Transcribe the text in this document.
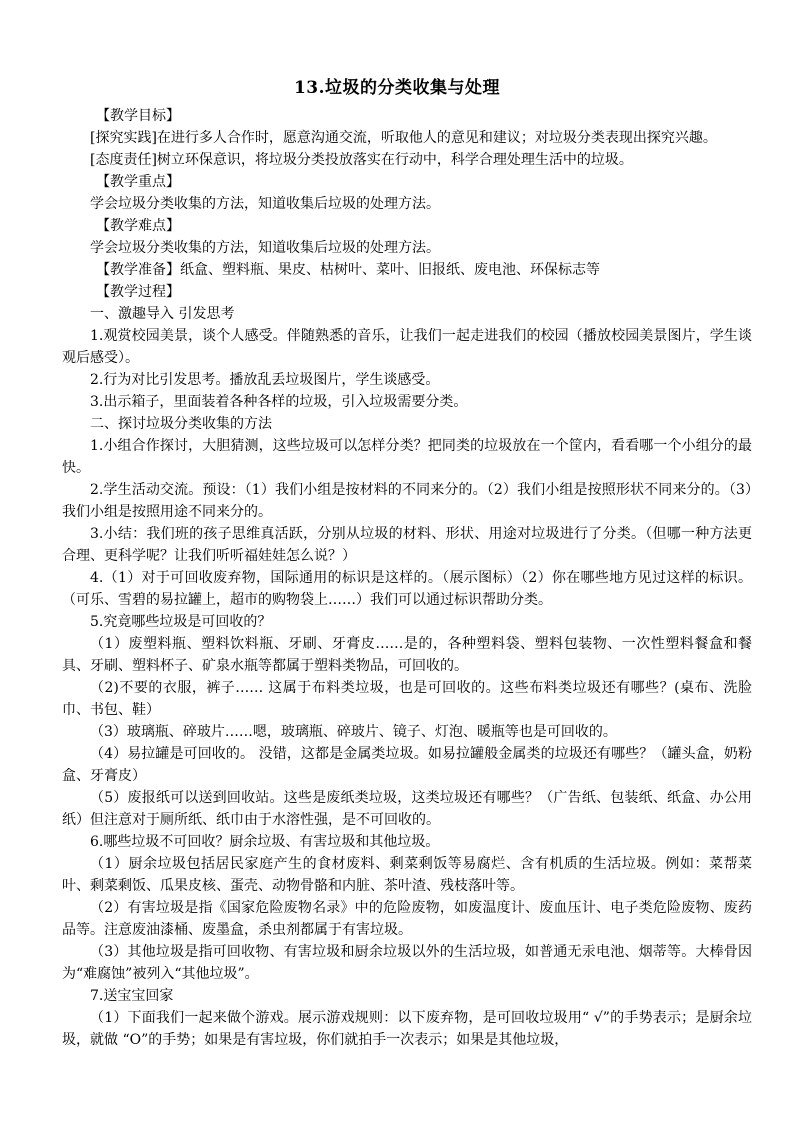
13.垃圾的分类收集与处理

【教学目标】

[探究实践]在进行多人合作时，愿意沟通交流，听取他人的意见和建议；对垃圾分类表现出探究兴趣。

[态度责任]树立环保意识，将垃圾分类投放落实在行动中，科学合理处理生活中的垃圾。

【教学重点】

学会垃圾分类收集的方法，知道收集后垃圾的处理方法。

【教学难点】

学会垃圾分类收集的方法，知道收集后垃圾的处理方法。

【教学准备】纸盒、塑料瓶、果皮、枯树叶、菜叶、旧报纸、废电池、环保标志等

【教学过程】

一、激趣导入 引发思考

1.观赏校园美景，谈个人感受。伴随熟悉的音乐，让我们一起走进我们的校园（播放校园美景图片，学生谈观后感受）。

2.行为对比引发思考。播放乱丢垃圾图片，学生谈感受。

3.出示箱子，里面装着各种各样的垃圾，引入垃圾需要分类。

二、探讨垃圾分类收集的方法

1.小组合作探讨，大胆猜测，这些垃圾可以怎样分类？把同类的垃圾放在一个筐内，看看哪一个小组分的最快。

2.学生活动交流。预设：（1）我们小组是按材料的不同来分的。（2）我们小组是按照形状不同来分的。（3）我们小组是按照用途不同来分的。

3.小结：我们班的孩子思维真活跃，分别从垃圾的材料、形状、用途对垃圾进行了分类。（但哪一种方法更合理、更科学呢？让我们听听福娃娃怎么说？）

4.（1）对于可回收废弃物，国际通用的标识是这样的。（展示图标）（2）你在哪些地方见过这样的标识。（可乐、雪碧的易拉罐上，超市的购物袋上……）我们可以通过标识帮助分类。

5.究竟哪些垃圾是可回收的？

（1）废塑料瓶、塑料饮料瓶、牙刷、牙膏皮……是的，各种塑料袋、塑料包装物、一次性塑料餐盒和餐具、牙刷、塑料杯子、矿泉水瓶等都属于塑料类物品，可回收的。

（2)不要的衣服，裤子…… 这属于布料类垃圾，也是可回收的。这些布料类垃圾还有哪些？(桌布、洗脸巾、书包、鞋）

（3）玻璃瓶、碎玻片……嗯，玻璃瓶、碎玻片、镜子、灯泡、暖瓶等也是可回收的。

（4）易拉罐是可回收的。 没错，这都是金属类垃圾。如易拉罐般金属类的垃圾还有哪些？（罐头盒，奶粉盒、牙膏皮）

（5）废报纸可以送到回收站。这些是废纸类垃圾，这类垃圾还有哪些？（广告纸、包装纸、纸盒、办公用纸）但注意对于厕所纸、纸巾由于水溶性强，是不可回收的。

6.哪些垃圾不可回收？厨余垃圾、有害垃圾和其他垃圾。

（1）厨余垃圾包括居民家庭产生的食材废料、剩菜剩饭等易腐烂、含有机质的生活垃圾。例如：菜帮菜叶、剩菜剩饭、瓜果皮核、蛋壳、动物骨骼和内脏、茶叶渣、残枝落叶等。

（2）有害垃圾是指《国家危险废物名录》中的危险废物，如废温度计、废血压计、电子类危险废物、废药品等。注意废油漆桶、废墨盒，杀虫剂都属于有害垃圾。

（3）其他垃圾是指可回收物、有害垃圾和厨余垃圾以外的生活垃圾，如普通无汞电池、烟蒂等。大棒骨因为“难腐蚀”被列入“其他垃圾”。

7.送宝宝回家

（1）下面我们一起来做个游戏。展示游戏规则：以下废弃物，是可回收垃圾用“ √”的手势表示；是厨余垃圾，就做 “O”的手势；如果是有害垃圾，你们就拍手一次表示；如果是其他垃圾，
